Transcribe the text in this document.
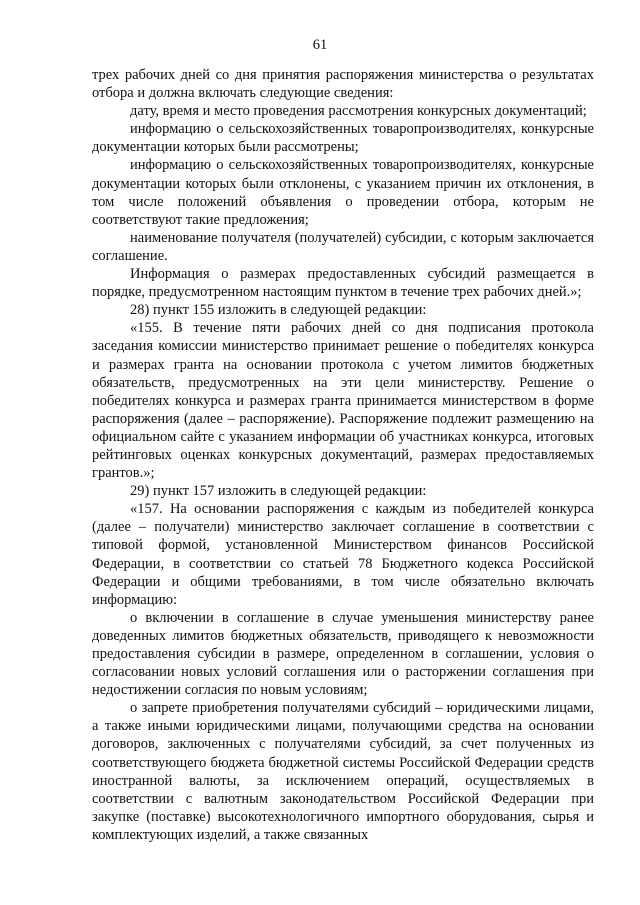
61

трех рабочих дней со дня принятия распоряжения министерства о результатах отбора и должна включать следующие сведения:

дату, время и место проведения рассмотрения конкурсных документаций;

информацию о сельскохозяйственных товаропроизводителях, конкурсные документации которых были рассмотрены;

информацию о сельскохозяйственных товаропроизводителях, конкурсные документации которых были отклонены, с указанием причин их отклонения, в том числе положений объявления о проведении отбора, которым не соответствуют такие предложения;

наименование получателя (получателей) субсидии, с которым заключается соглашение.

Информация о размерах предоставленных субсидий размещается в порядке, предусмотренном настоящим пунктом в течение трех рабочих дней.»;

28) пункт 155 изложить в следующей редакции:

«155. В течение пяти рабочих дней со дня подписания протокола заседания комиссии министерство принимает решение о победителях конкурса и размерах гранта на основании протокола с учетом лимитов бюджетных обязательств, предусмотренных на эти цели министерству. Решение о победителях конкурса и размерах гранта принимается министерством в форме распоряжения (далее – распоряжение). Распоряжение подлежит размещению на официальном сайте с указанием информации об участниках конкурса, итоговых рейтинговых оценках конкурсных документаций, размерах предоставляемых грантов.»;

29) пункт 157 изложить в следующей редакции:

«157. На основании распоряжения с каждым из победителей конкурса (далее – получатели) министерство заключает соглашение в соответствии с типовой формой, установленной Министерством финансов Российской Федерации, в соответствии со статьей 78 Бюджетного кодекса Российской Федерации и общими требованиями, в том числе обязательно включать информацию:

о включении в соглашение в случае уменьшения министерству ранее доведенных лимитов бюджетных обязательств, приводящего к невозможности предоставления субсидии в размере, определенном в соглашении, условия о согласовании новых условий соглашения или о расторжении соглашения при недостижении согласия по новым условиям;

о запрете приобретения получателями субсидий – юридическими лицами, а также иными юридическими лицами, получающими средства на основании договоров, заключенных с получателями субсидий, за счет полученных из соответствующего бюджета бюджетной системы Российской Федерации средств иностранной валюты, за исключением операций, осуществляемых в соответствии с валютным законодательством Российской Федерации при закупке (поставке) высокотехнологичного импортного оборудования, сырья и комплектующих изделий, а также связанных
